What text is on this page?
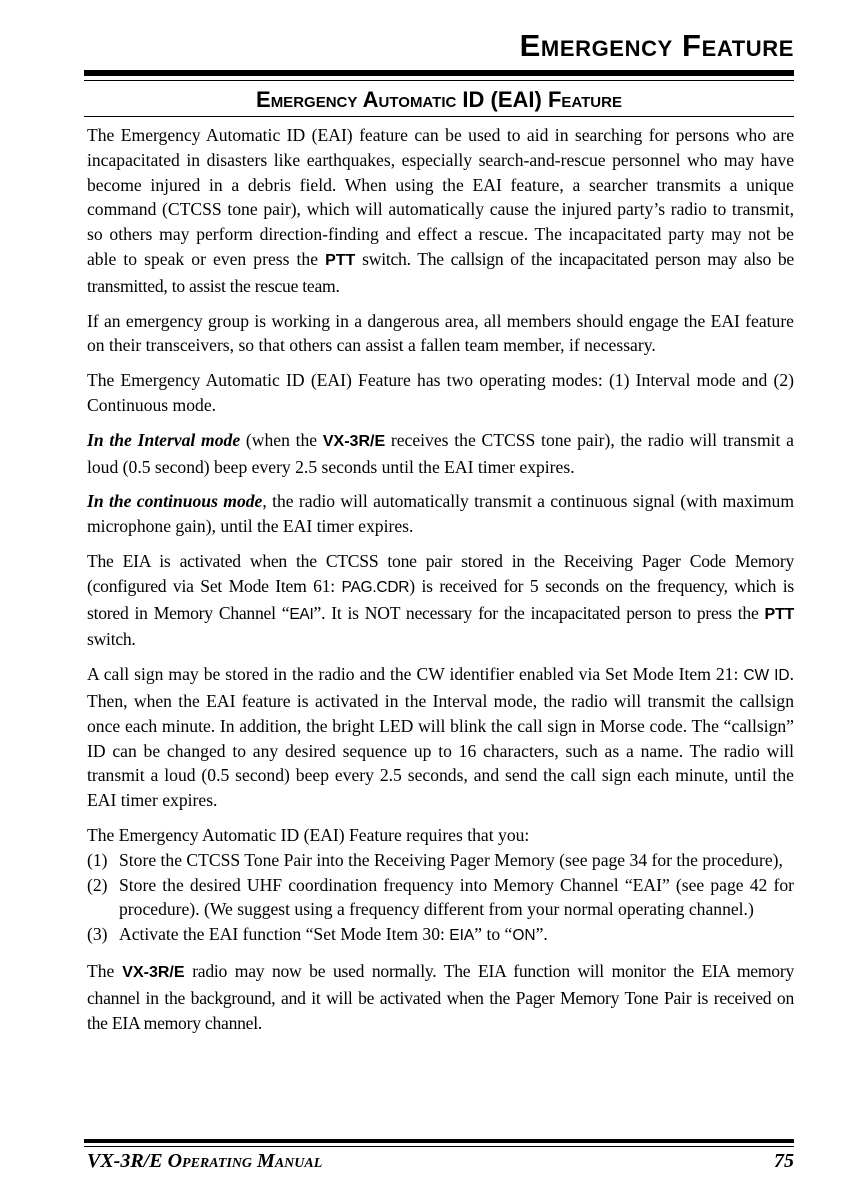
Emergency Feature
Emergency Automatic ID (EAI) Feature

The Emergency Automatic ID (EAI) feature can be used to aid in searching for persons who are incapacitated in disasters like earthquakes, especially search-and-rescue personnel who may have become injured in a debris field. When using the EAI feature, a searcher transmits a unique command (CTCSS tone pair), which will automatically cause the injured party’s radio to transmit, so others may perform direction-finding and effect a rescue. The incapacitated party may not be able to speak or even press the PTT switch. The callsign of the incapacitated person may also be transmitted, to assist the rescue team.

If an emergency group is working in a dangerous area, all members should engage the EAI feature on their transceivers, so that others can assist a fallen team member, if necessary.

The Emergency Automatic ID (EAI) Feature has two operating modes: (1) Interval mode and (2) Continuous mode.

In the Interval mode (when the VX-3R/E receives the CTCSS tone pair), the radio will transmit a loud (0.5 second) beep every 2.5 seconds until the EAI timer expires.

In the continuous mode, the radio will automatically transmit a continuous signal (with maximum microphone gain), until the EAI timer expires.

The EIA is activated when the CTCSS tone pair stored in the Receiving Pager Code Memory (configured via Set Mode Item 61: PAG.CDR) is received for 5 seconds on the frequency, which is stored in Memory Channel “EAI”. It is NOT necessary for the incapacitated person to press the PTT switch.

A call sign may be stored in the radio and the CW identifier enabled via Set Mode Item 21: CW ID. Then, when the EAI feature is activated in the Interval mode, the radio will transmit the callsign once each minute. In addition, the bright LED will blink the call sign in Morse code. The “callsign” ID can be changed to any desired sequence up to 16 characters, such as a name. The radio will transmit a loud (0.5 second) beep every 2.5 seconds, and send the call sign each minute, until the EAI timer expires.

The Emergency Automatic ID (EAI) Feature requires that you:

(1) Store the CTCSS Tone Pair into the Receiving Pager Memory (see page 34 for the procedure),
(2) Store the desired UHF coordination frequency into Memory Channel “EAI” (see page 42 for procedure). (We suggest using a frequency different from your normal operating channel.)
(3) Activate the EAI function “Set Mode Item 30: EIA” to “ON”.

The VX-3R/E radio may now be used normally. The EIA function will monitor the EIA memory channel in the background, and it will be activated when the Pager Memory Tone Pair is received on the EIA memory channel.

VX-3R/E Operating Manual	75
